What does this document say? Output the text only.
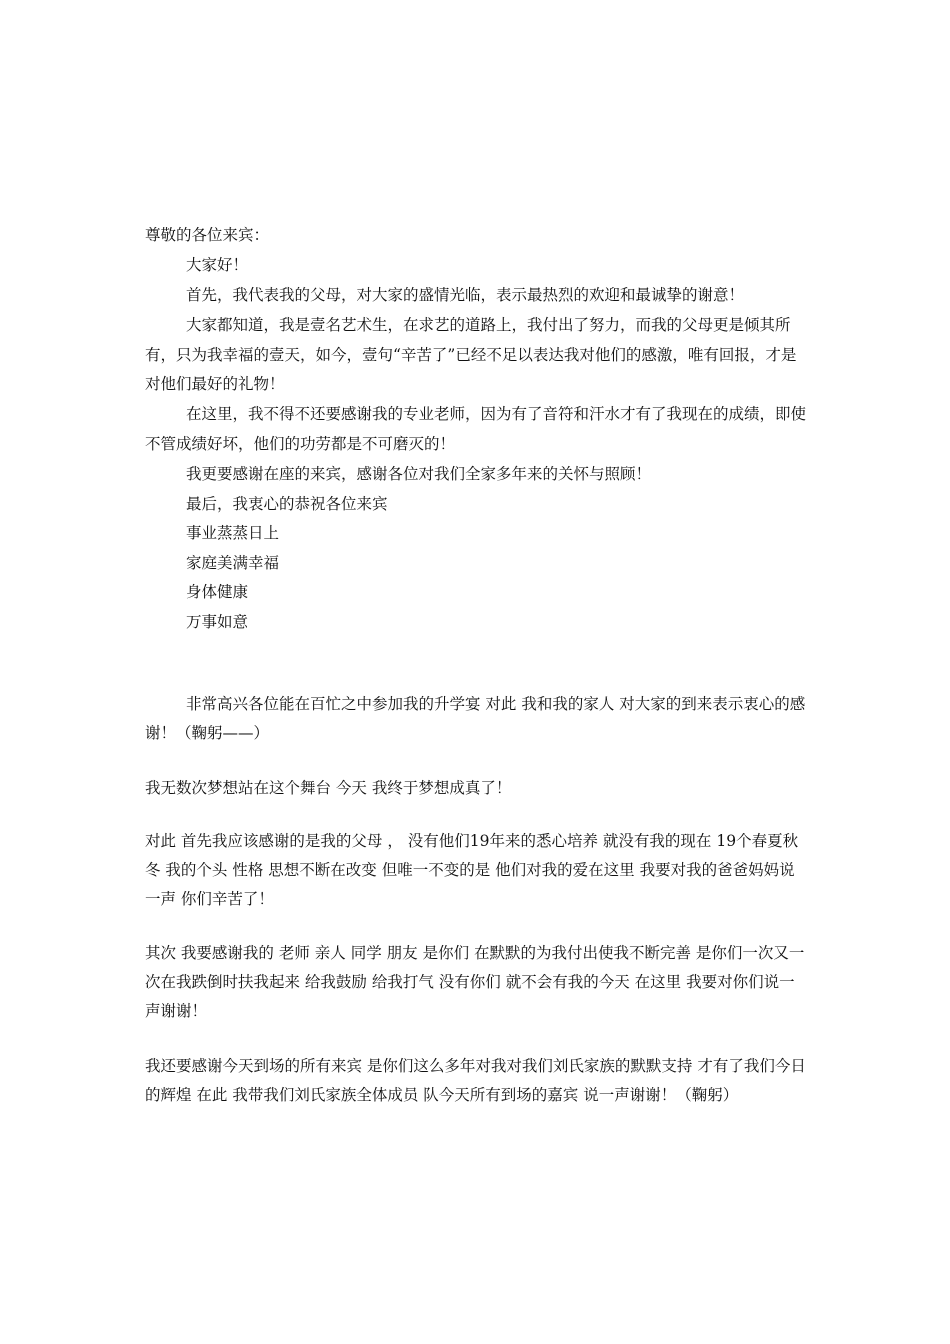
尊敬的各位来宾：

大家好！

首先，我代表我的父母，对大家的盛情光临，表示最热烈的欢迎和最诚挚的谢意！

大家都知道，我是壹名艺术生，在求艺的道路上，我付出了努力，而我的父母更是倾其所有，只为我幸福的壹天，如今，壹句“辛苦了”已经不足以表达我对他们的感激，唯有回报，才是对他们最好的礼物！

在这里，我不得不还要感谢我的专业老师，因为有了音符和汗水才有了我现在的成绩，即使不管成绩好坏，他们的功劳都是不可磨灭的！

我更要感谢在座的来宾，感谢各位对我们全家多年来的关怀与照顾！

最后，我衷心的恭祝各位来宾

事业蒸蒸日上

家庭美满幸福

身体健康

万事如意

非常高兴各位能在百忙之中参加我的升学宴 对此 我和我的家人 对大家的到来表示衷心的感谢！（鞠躬——）

我无数次梦想站在这个舞台 今天 我终于梦想成真了！

对此 首先我应该感谢的是我的父母 ， 没有他们19年来的悉心培养 就没有我的现在 19个春夏秋冬 我的个头 性格 思想不断在改变 但唯一不变的是 他们对我的爱在这里 我要对我的爸爸妈妈说一声 你们辛苦了！

其次 我要感谢我的 老师 亲人 同学 朋友 是你们 在默默的为我付出使我不断完善 是你们一次又一次在我跌倒时扶我起来 给我鼓励 给我打气 没有你们 就不会有我的今天 在这里 我要对你们说一声谢谢！

我还要感谢今天到场的所有来宾 是你们这么多年对我对我们刘氏家族的默默支持 才有了我们今日的辉煌 在此 我带我们刘氏家族全体成员 队今天所有到场的嘉宾 说一声谢谢！（鞠躬）
